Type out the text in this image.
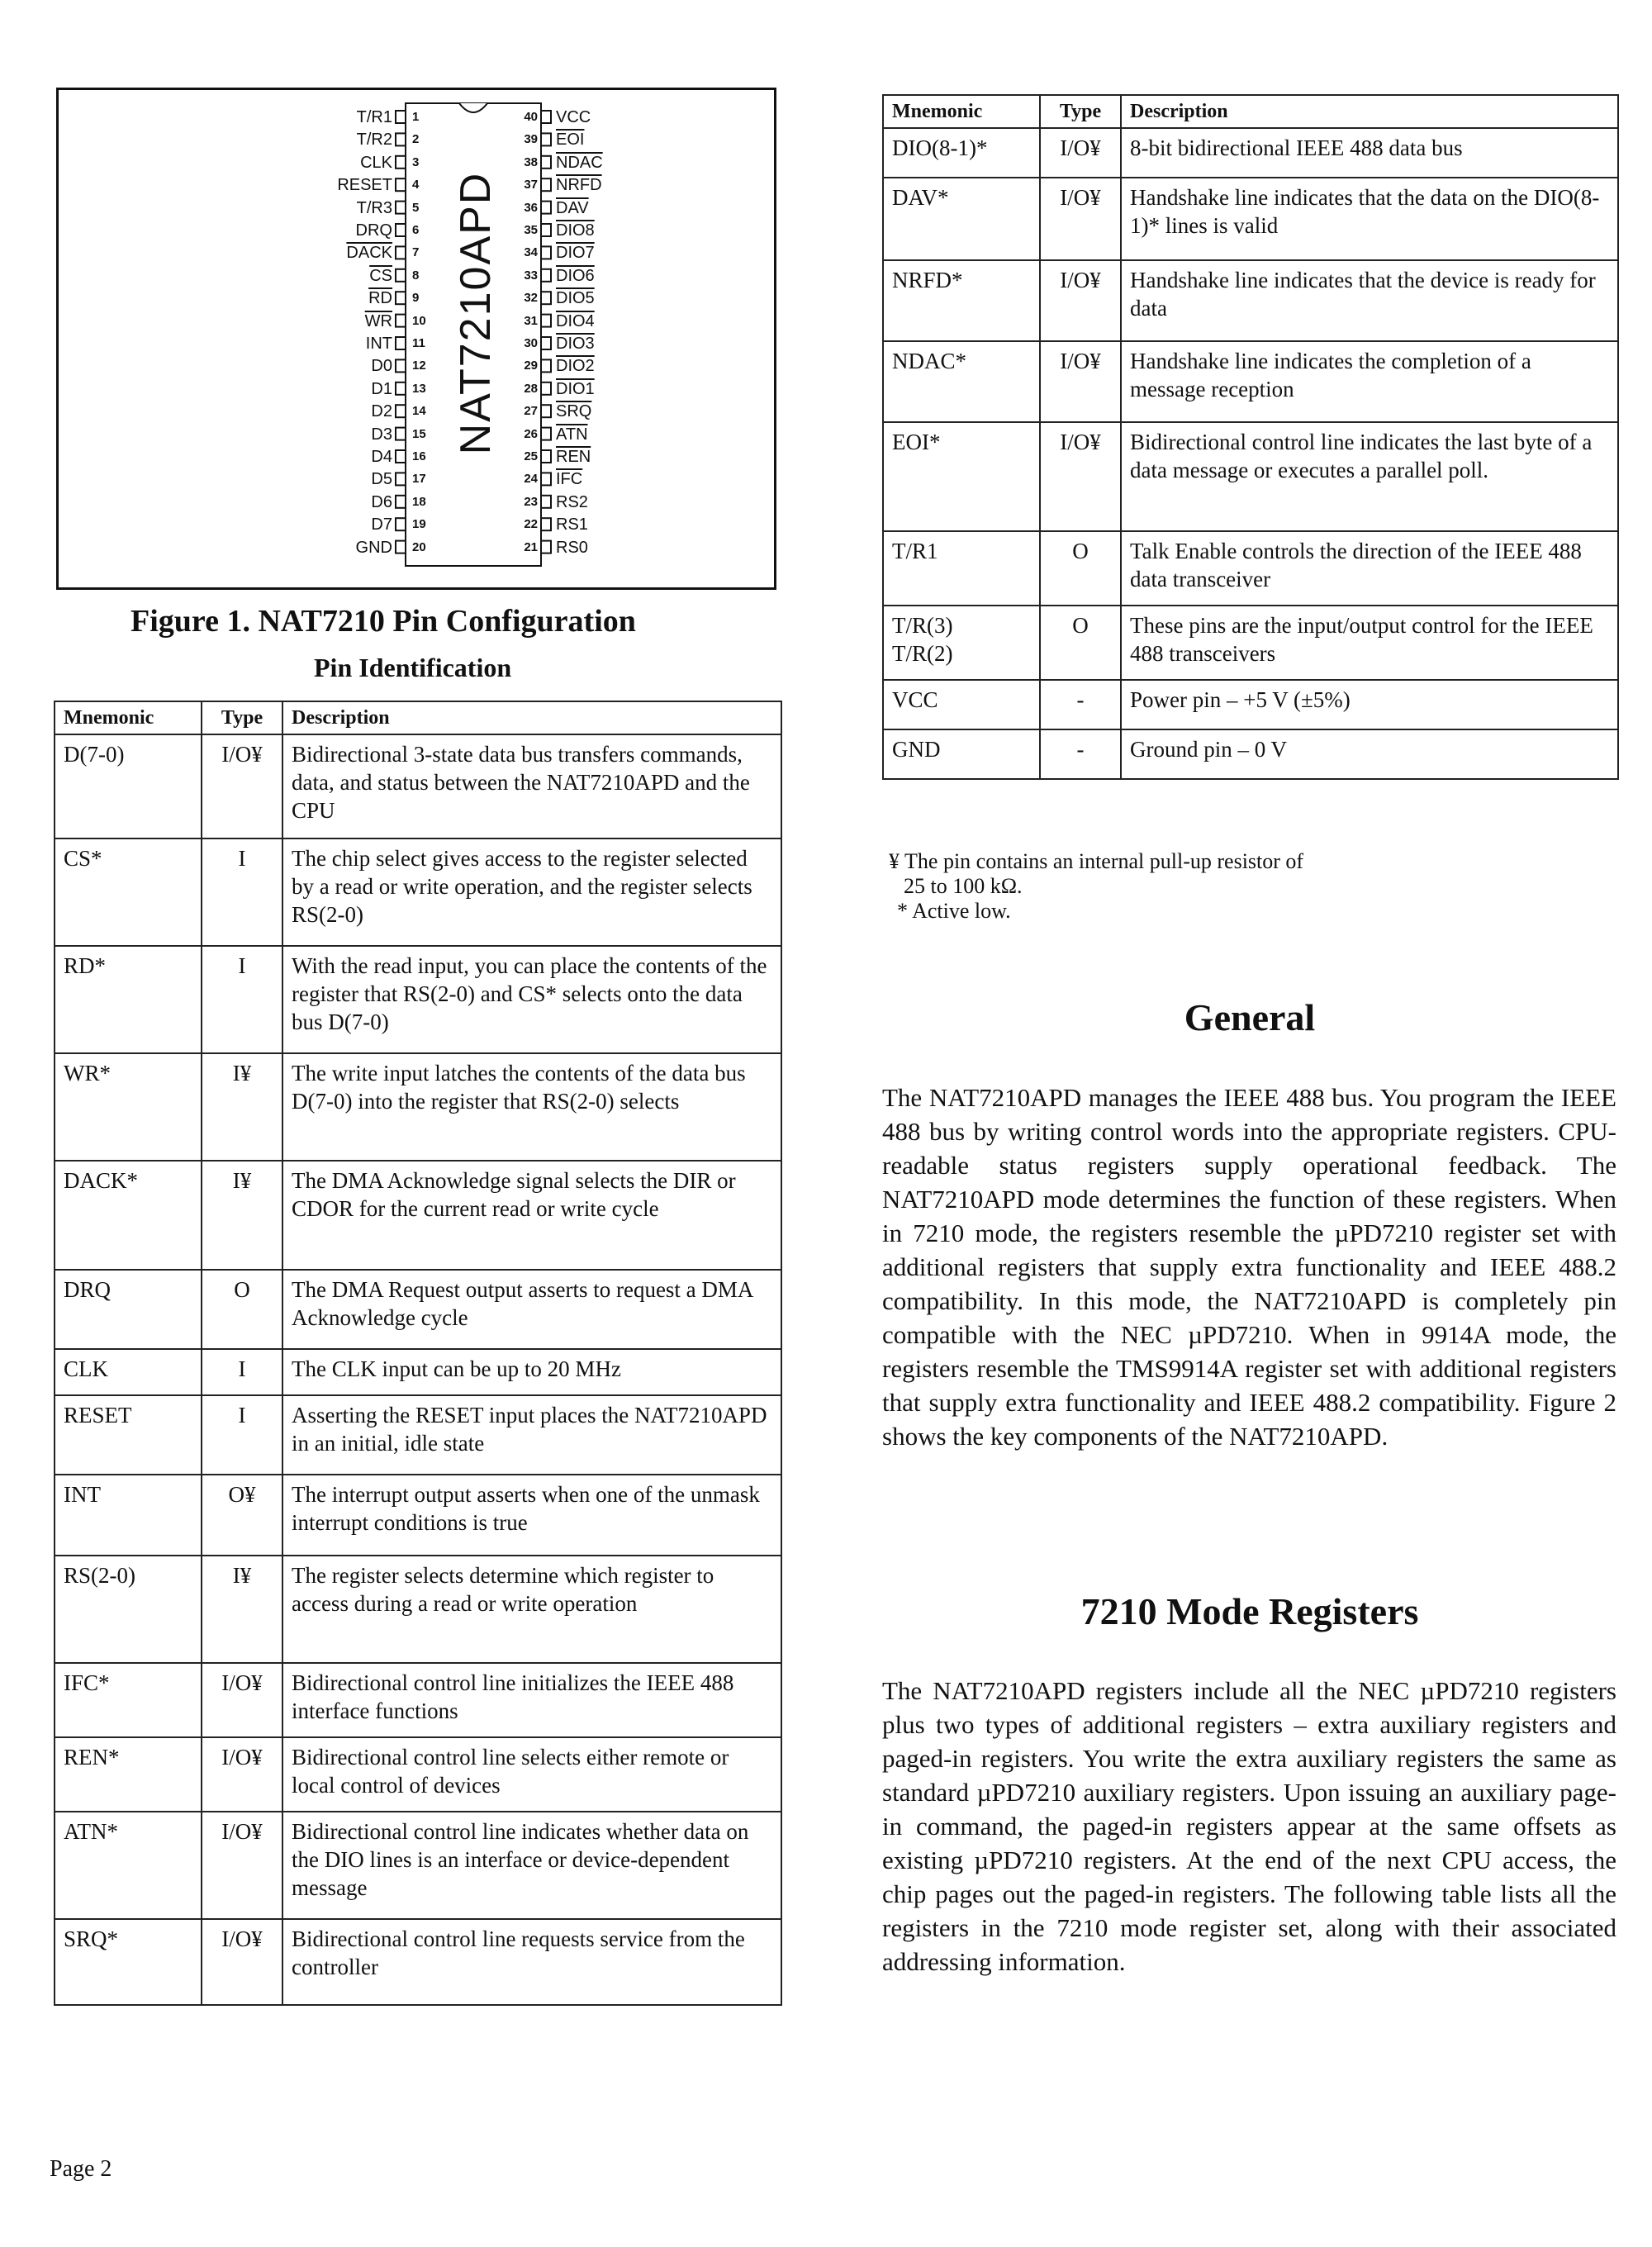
T/R1 1
T/R2 2
CLK 3
RESET 4
T/R3 5
DRQ 6
DACK 7
$\overline{CS}$ 8
$\overline{RD}$ 9
$\overline{WR}$ 10
INT 11
D0 12
D1 13
D2 14
D3 15
D4 16
D5 17
D6 18
D7 19
GND 20
40 VCC
39 $\overline{EOI}$
38 NDAC
37 NRFD
36 $\overline{DAV}$
35 DIO8
34 DIO7
33 DIO6
32 DIO5
31 DIO4
30 DIO3
29 DIO2
28 DIO1
27 $\overline{SRQ}$
26 $\overline{ATN}$
25 $\overline{REN}$
24 $\overline{IFC}$
23 RS2
22 RS1
21 RS0
NAT7210APD
Figure 1. NAT7210 Pin Configuration
Pin Identification
Mnemonic	Type	Description
D(7-0)	I/O¥	Bidirectional 3-state data bus transfers commands, data, and status between the NAT7210APD and the CPU
CS*	I	The chip select gives access to the register selected by a read or write operation, and the register selects RS(2-0)
RD*	I	With the read input, you can place the contents of the register that RS(2-0) and CS* selects onto the data bus D(7-0)
WR*	I¥	The write input latches the contents of the data bus D(7-0) into the register that RS(2-0) selects
DACK*	I¥	The DMA Acknowledge signal selects the DIR or CDOR for the current read or write cycle
DRQ	O	The DMA Request output asserts to request a DMA Acknowledge cycle
CLK	I	The CLK input can be up to 20 MHz
RESET	I	Asserting the RESET input places the NAT7210APD in an initial, idle state
INT	O¥	The interrupt output asserts when one of the unmask interrupt conditions is true
RS(2-0)	I¥	The register selects determine which register to access during a read or write operation
IFC*	I/O¥	Bidirectional control line initializes the IEEE 488 interface functions
REN*	I/O¥	Bidirectional control line selects either remote or local control of devices
ATN*	I/O¥	Bidirectional control line indicates whether data on the DIO lines is an interface or device-dependent message
SRQ*	I/O¥	Bidirectional control line requests service from the controller
Mnemonic	Type	Description
DIO(8-1)*	I/O¥	8-bit bidirectional IEEE 488 data bus
DAV*	I/O¥	Handshake line indicates that the data on the DIO(8-1)* lines is valid
NRFD*	I/O¥	Handshake line indicates that the device is ready for data
NDAC*	I/O¥	Handshake line indicates the completion of a message reception
EOI*	I/O¥	Bidirectional control line indicates the last byte of a data message or executes a parallel poll.
T/R1	O	Talk Enable controls the direction of the IEEE 488 data transceiver
T/R(3)
T/R(2)	O	These pins are the input/output control for the IEEE 488 transceivers
VCC	-	Power pin – +5 V (±5%)
GND	-	Ground pin – 0 V
¥ The pin contains an internal pull-up resistor of
25 to 100 kΩ.
* Active low.
General
The NAT7210APD manages the IEEE 488 bus. You program the IEEE 488 bus by writing control words into the appropriate registers. CPU-readable status registers supply operational feedback. The NAT7210APD mode determines the function of these registers. When in 7210 mode, the registers resemble the µPD7210 register set with additional registers that supply extra functionality and IEEE 488.2 compatibility. In this mode, the NAT7210APD is completely pin compatible with the NEC µPD7210. When in 9914A mode, the registers resemble the TMS9914A register set with additional registers that supply extra functionality and IEEE 488.2 compatibility. Figure 2 shows the key components of the NAT7210APD.
7210 Mode Registers
The NAT7210APD registers include all the NEC µPD7210 registers plus two types of additional registers – extra auxiliary registers and paged-in registers. You write the extra auxiliary registers the same as standard µPD7210 auxiliary registers. Upon issuing an auxiliary page-in command, the paged-in registers appear at the same offsets as existing µPD7210 registers. At the end of the next CPU access, the chip pages out the paged-in registers. The following table lists all the registers in the 7210 mode register set, along with their associated addressing information.
Page 2
